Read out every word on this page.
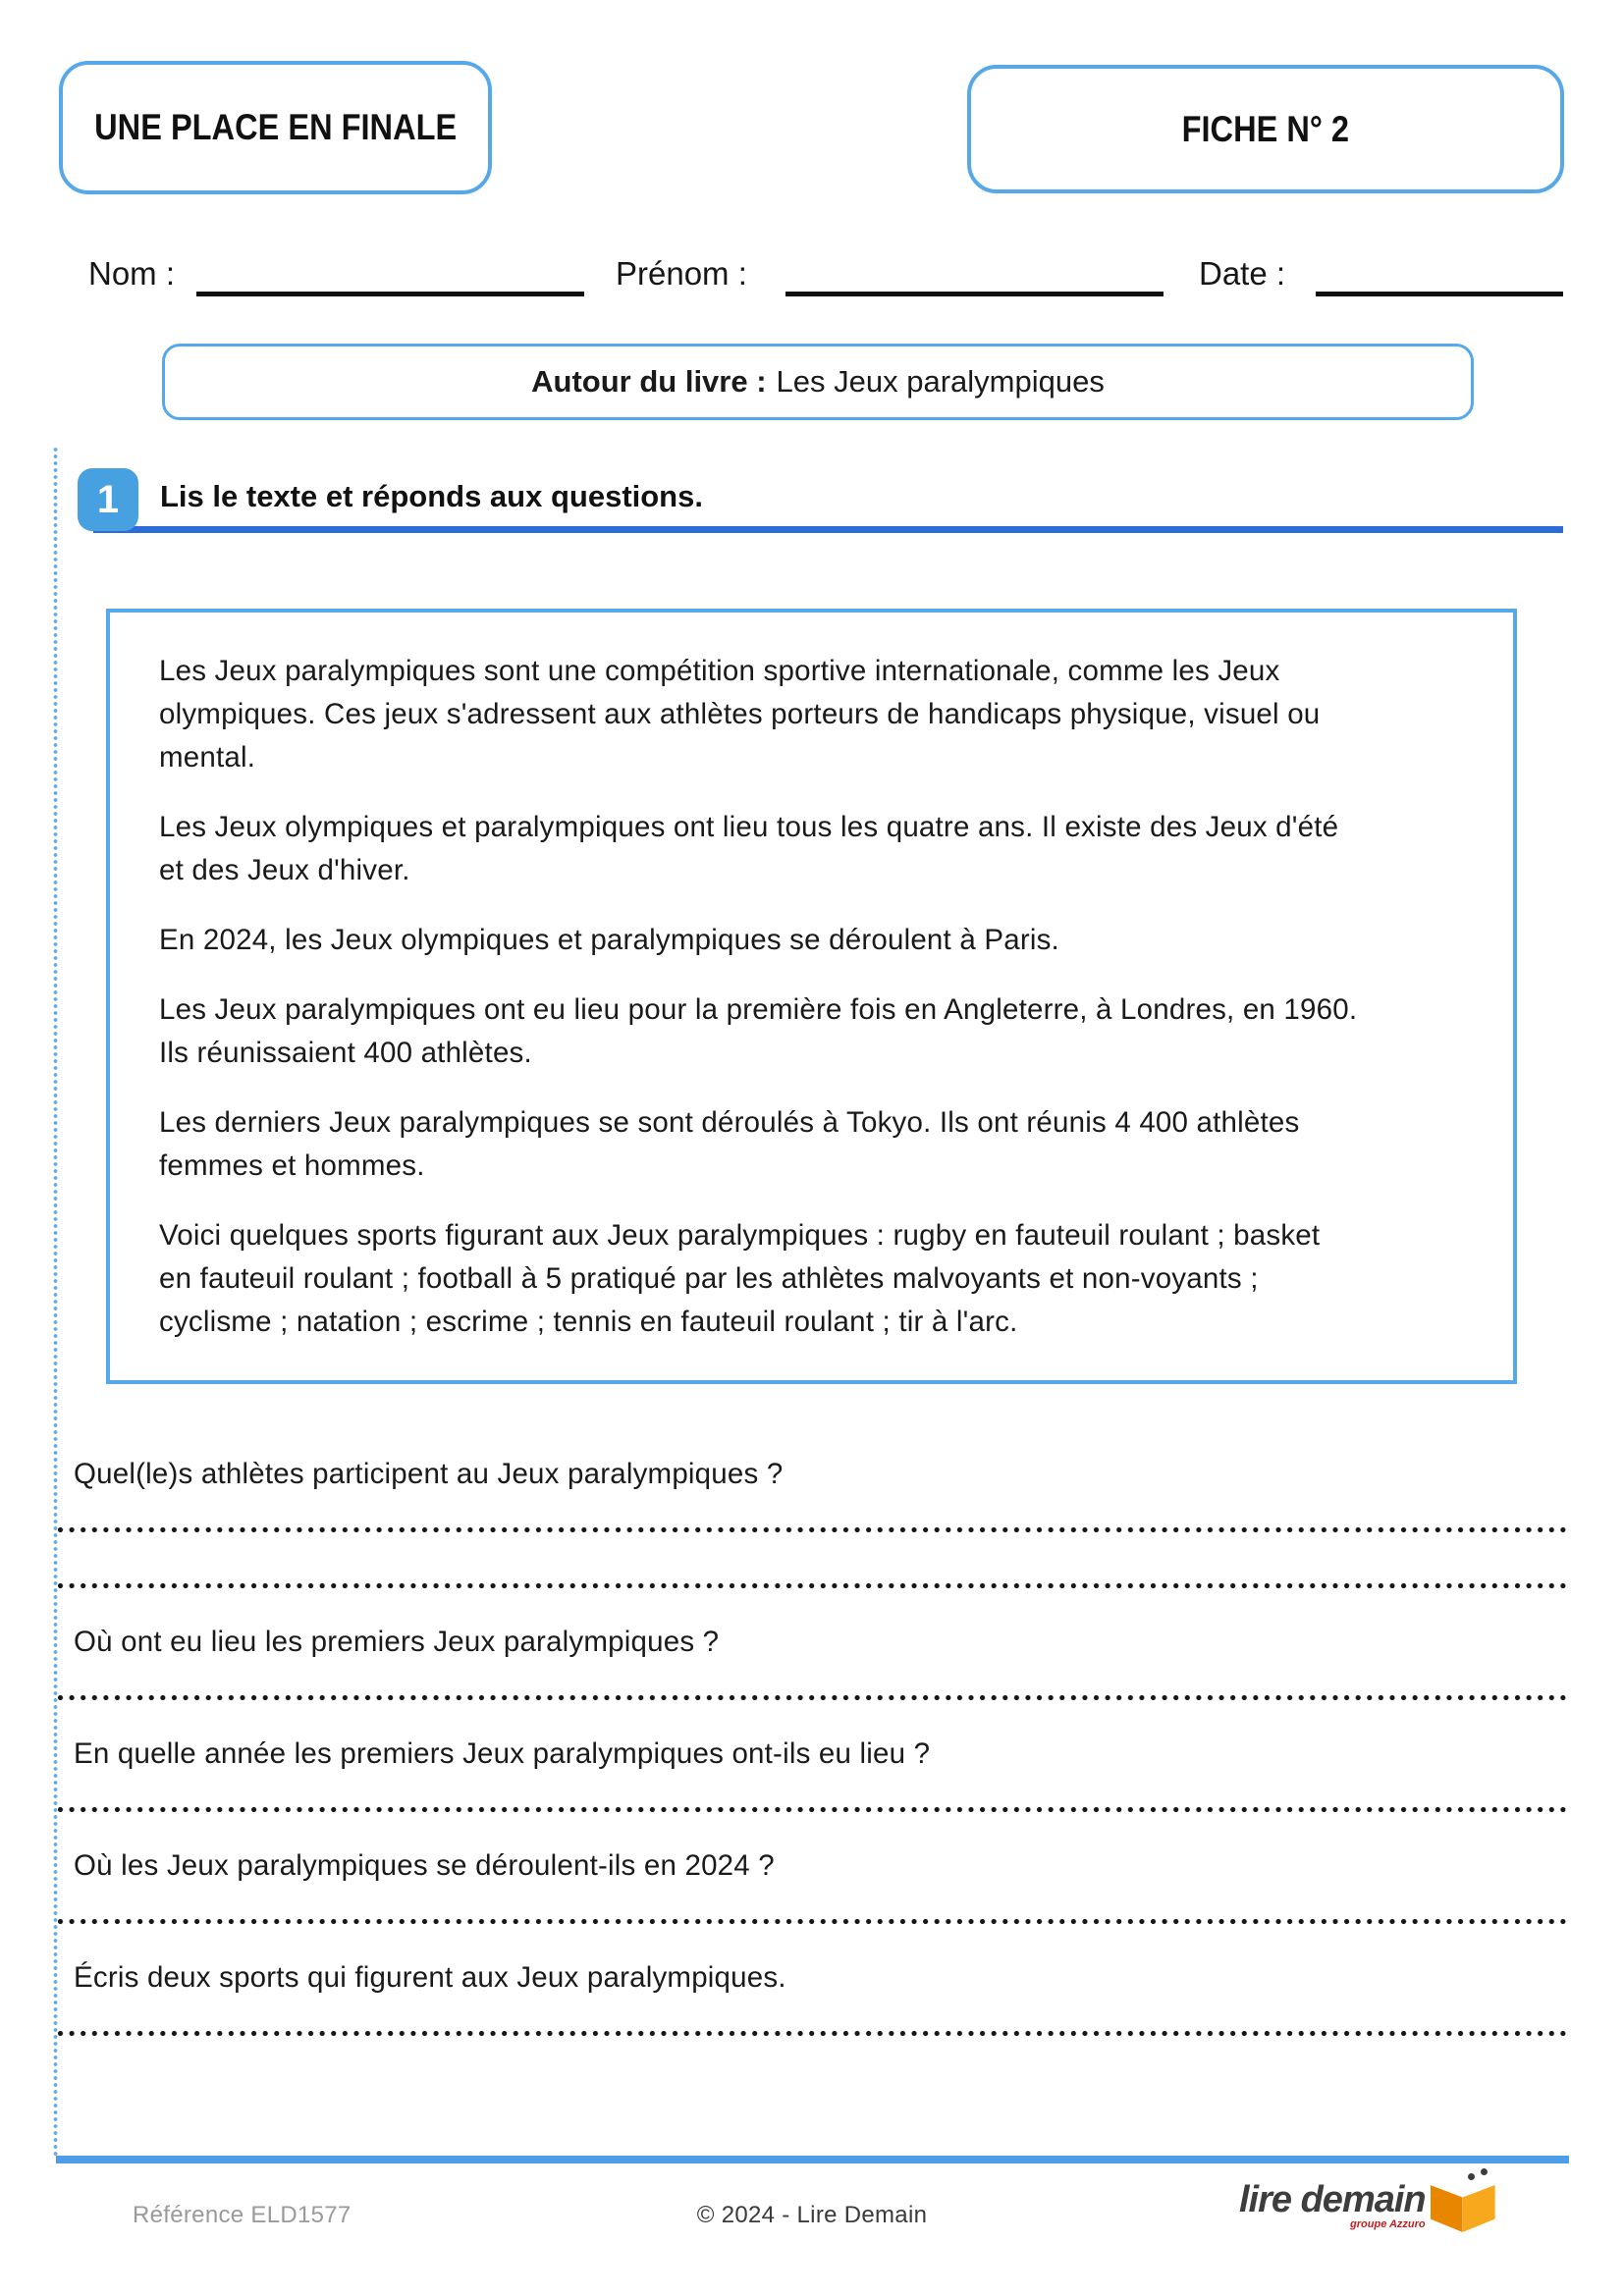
UNE PLACE EN FINALE	FICHE N° 2
Nom :	Prénom :	Date :
Autour du livre : Les Jeux paralympiques
1 Lis le texte et réponds aux questions.

Les Jeux paralympiques sont une compétition sportive internationale, comme les Jeux
olympiques. Ces jeux s'adressent aux athlètes porteurs de handicaps physique, visuel ou
mental.

Les Jeux olympiques et paralympiques ont lieu tous les quatre ans. Il existe des Jeux d'été
et des Jeux d'hiver.

En 2024, les Jeux olympiques et paralympiques se déroulent à Paris.

Les Jeux paralympiques ont eu lieu pour la première fois en Angleterre, à Londres, en 1960.
Ils réunissaient 400 athlètes.

Les derniers Jeux paralympiques se sont déroulés à Tokyo. Ils ont réunis 4 400 athlètes
femmes et hommes.

Voici quelques sports figurant aux Jeux paralympiques : rugby en fauteuil roulant ; basket
en fauteuil roulant ; football à 5 pratiqué par les athlètes malvoyants et non-voyants ;
cyclisme ; natation ; escrime ; tennis en fauteuil roulant ; tir à l'arc.

Quel(le)s athlètes participent au Jeux paralympiques ?
Où ont eu lieu les premiers Jeux paralympiques ?
En quelle année les premiers Jeux paralympiques ont-ils eu lieu ?
Où les Jeux paralympiques se déroulent-ils en 2024 ?
Écris deux sports qui figurent aux Jeux paralympiques.
Référence ELD1577	© 2024 - Lire Demain	lire demain
groupe Azzuro
